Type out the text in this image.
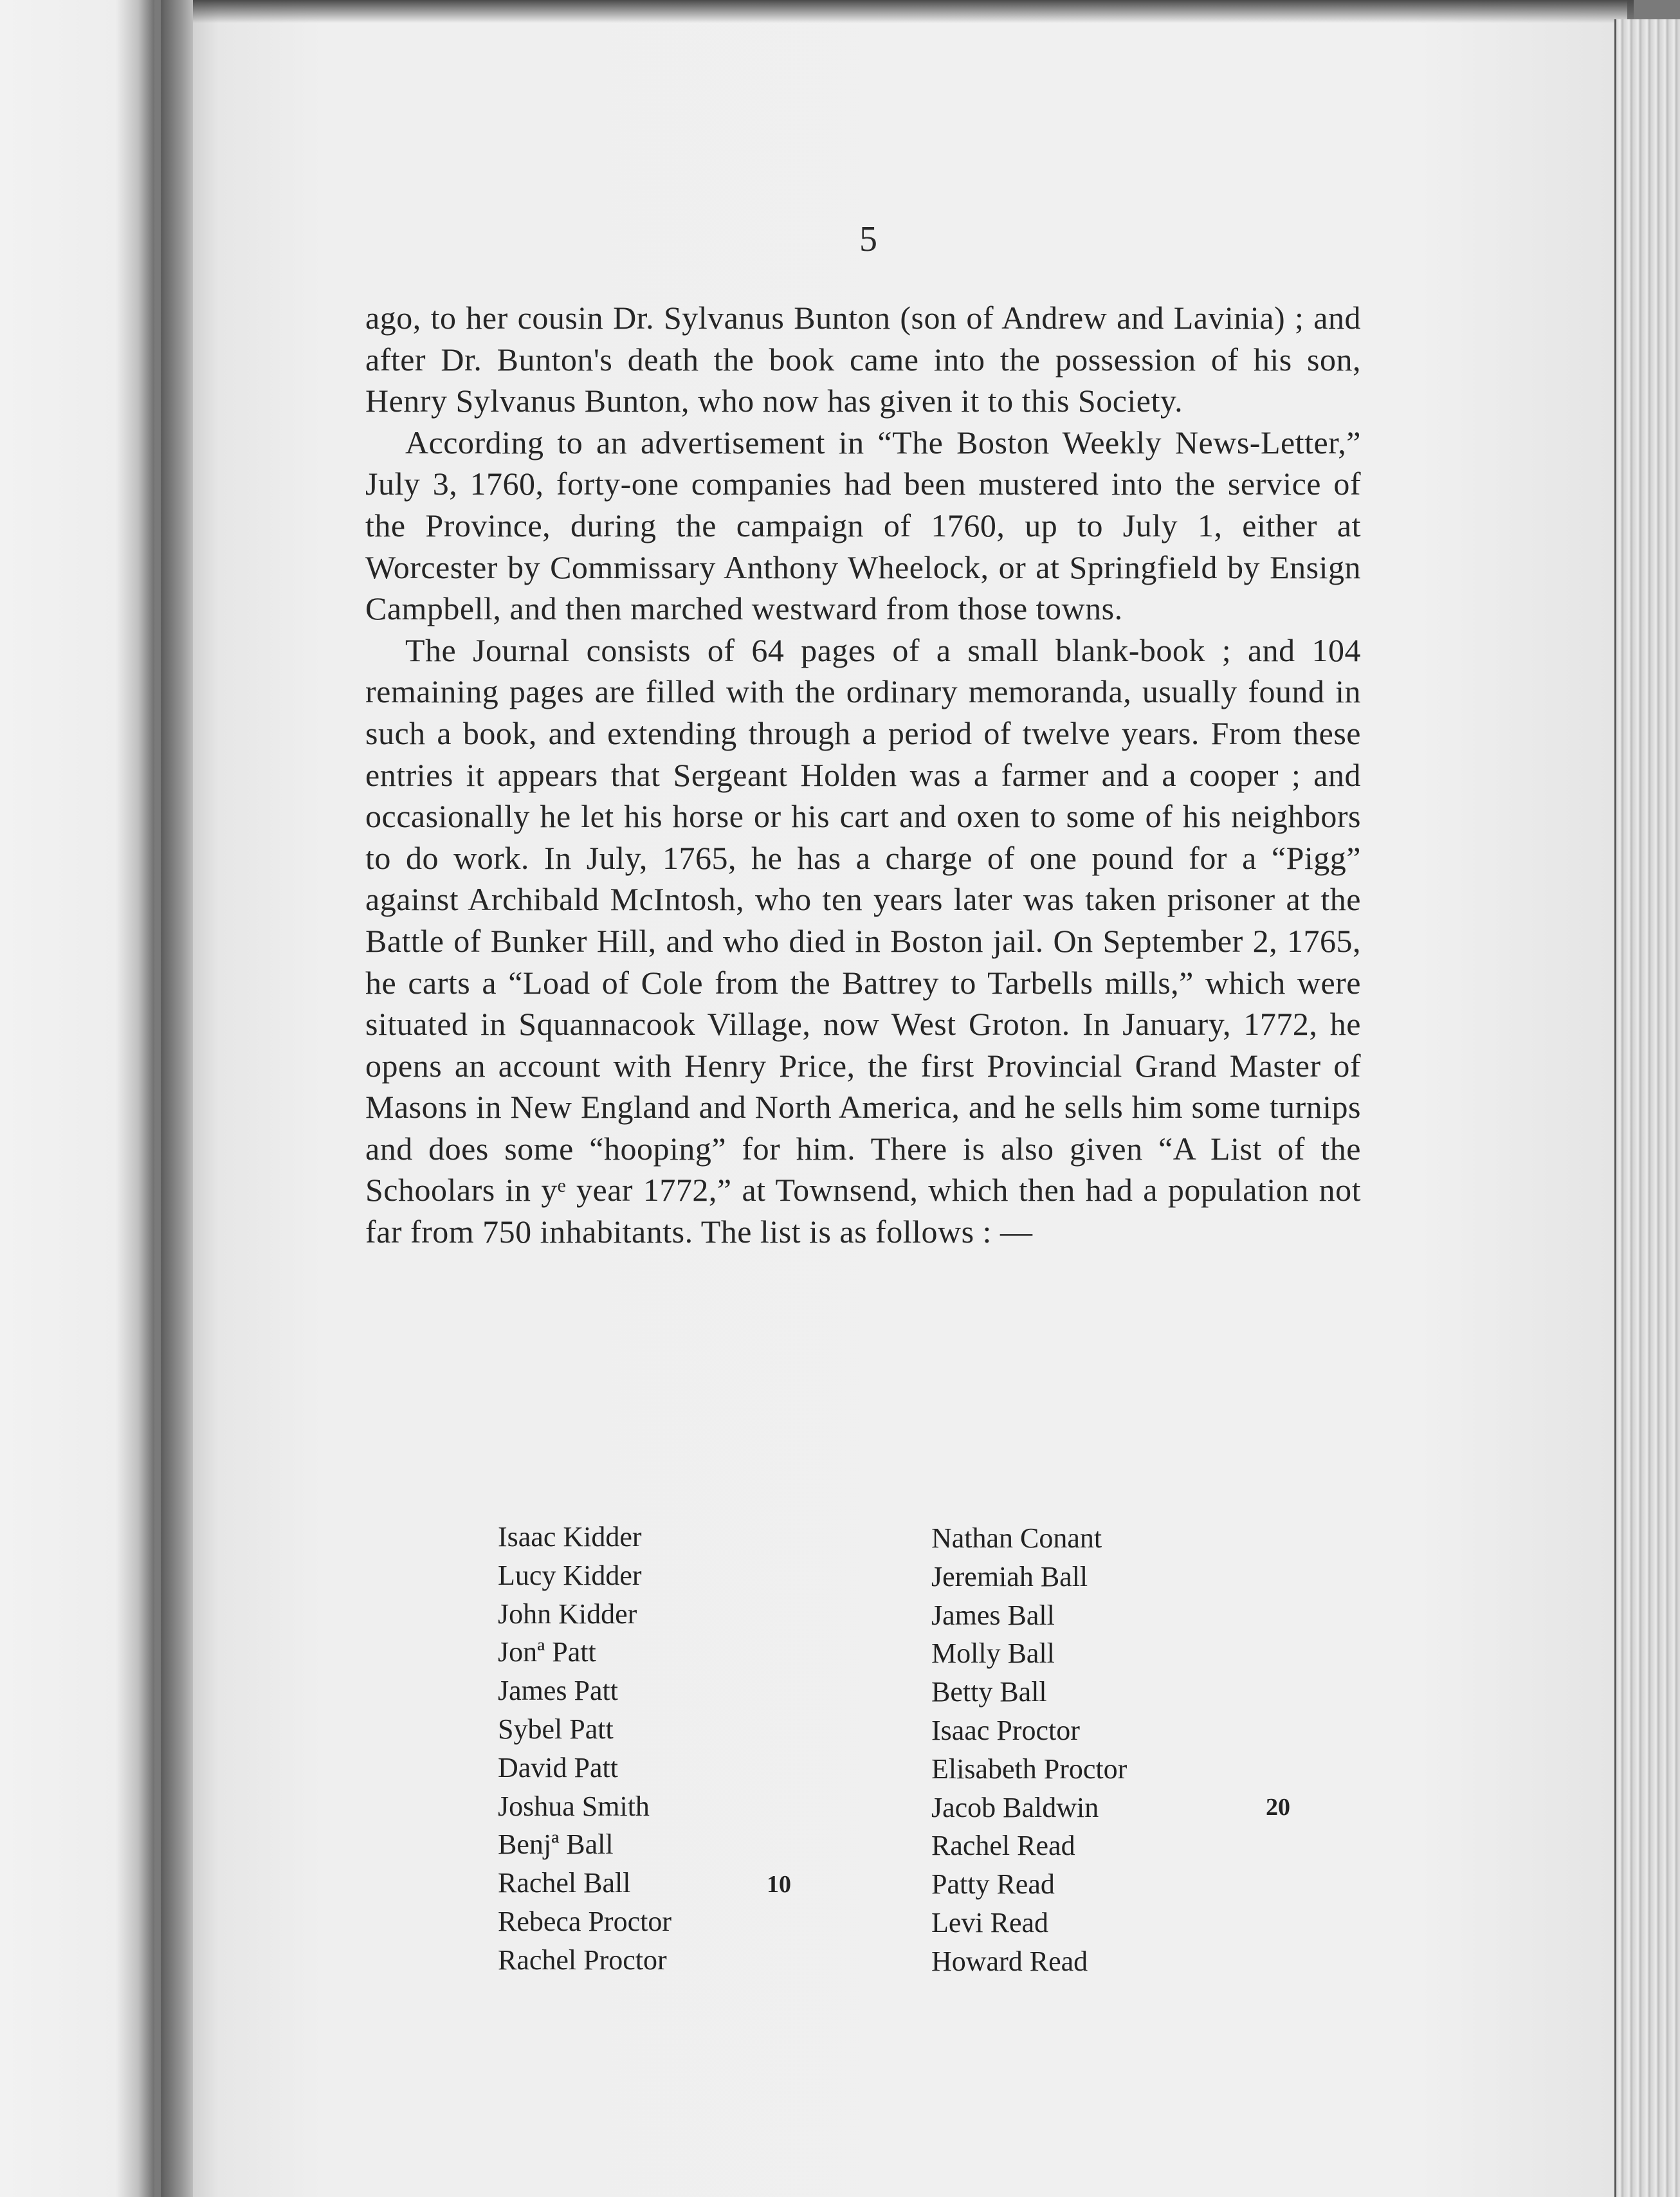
5

ago, to her cousin Dr. Sylvanus Bunton (son of Andrew and Lavinia) ; and after Dr. Bunton's death the book came into the possession of his son, Henry Sylvanus Bunton, who now has given it to this Society.

According to an advertisement in “The Boston Weekly News-Letter,” July 3, 1760, forty-one companies had been mustered into the service of the Province, during the campaign of 1760, up to July 1, either at Worcester by Commissary Anthony Wheelock, or at Springfield by Ensign Campbell, and then marched westward from those towns.

The Journal consists of 64 pages of a small blank-book ; and 104 remaining pages are filled with the ordinary memoranda, usually found in such a book, and extending through a period of twelve years. From these entries it appears that Sergeant Holden was a farmer and a cooper ; and occasionally he let his horse or his cart and oxen to some of his neighbors to do work. In July, 1765, he has a charge of one pound for a “Pigg” against Archibald McIntosh, who ten years later was taken prisoner at the Battle of Bunker Hill, and who died in Boston jail. On September 2, 1765, he carts a “Load of Cole from the Battrey to Tarbells mills,” which were situated in Squannacook Village, now West Groton. In January, 1772, he opens an account with Henry Price, the first Provincial Grand Master of Masons in New England and North America, and he sells him some turnips and does some “hooping” for him. There is also given “A List of the Schoolars in yᵉ year 1772,” at Townsend, which then had a population not far from 750 inhabitants. The list is as follows : —

Isaac Kidder
Lucy Kidder
John Kidder
Jonª Patt
James Patt
Sybel Patt
David Patt
Joshua Smith
Benjª Ball
Rachel Ball
Rebeca Proctor
Rachel Proctor
Nathan Conant
Jeremiah Ball
James Ball
Molly Ball
Betty Ball
Isaac Proctor
Elisabeth Proctor
Jacob Baldwin
Rachel Read
Patty Read
Levi Read
Howard Read
10
20
